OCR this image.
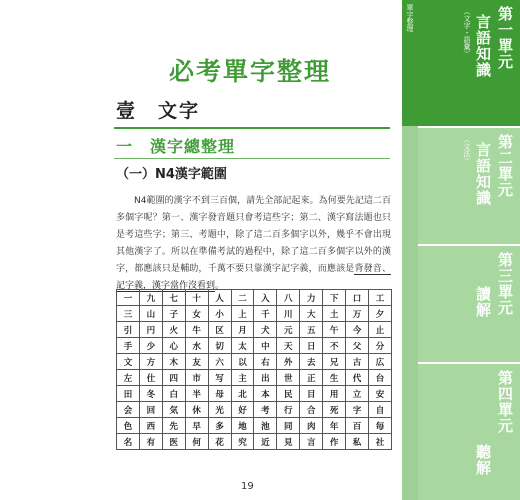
必考單字整理
壹　文字
一　漢字總整理
（一）N4漢字範圍

N4範圍的漢字不到三百個，請先全部記起來。為何要先記這二百多個字呢？第一、漢字發音題只會考這些字；第二、漢字寫法題也只是考這些字；第三、考題中，除了這二百多個字以外，幾乎不會出現其他漢字了。所以在準備考試的過程中，除了這二百多個字以外的漢字，都應該只是輔助，千萬不要只靠漢字記字義，而應該是背發音、記字義，漢字當作沒看到。

一	九	七	十	人	二	入	八	力	下	口	工
三	山	子	女	小	上	千	川	大	土	万	夕
引	円	火	牛	区	月	犬	元	五	午	今	止
手	少	心	水	切	太	中	天	日	不	父	分
文	方	木	友	六	以	右	外	去	兄	古	広
左	仕	四	市	写	主	出	世	正	生	代	台
田	冬	白	半	母	北	本	民	目	用	立	安
会	回	気	休	光	好	考	行	合	死	字	自
色	西	先	早	多	地	池	同	肉	年	百	毎
名	有	医	何	花	究	近	見	言	作	私	社
19
單字整理	第一單元
言語知識
（文字・語彙）
第二單元
言語知識
（文法）
第三單元
讀解
第四單元
聽解
